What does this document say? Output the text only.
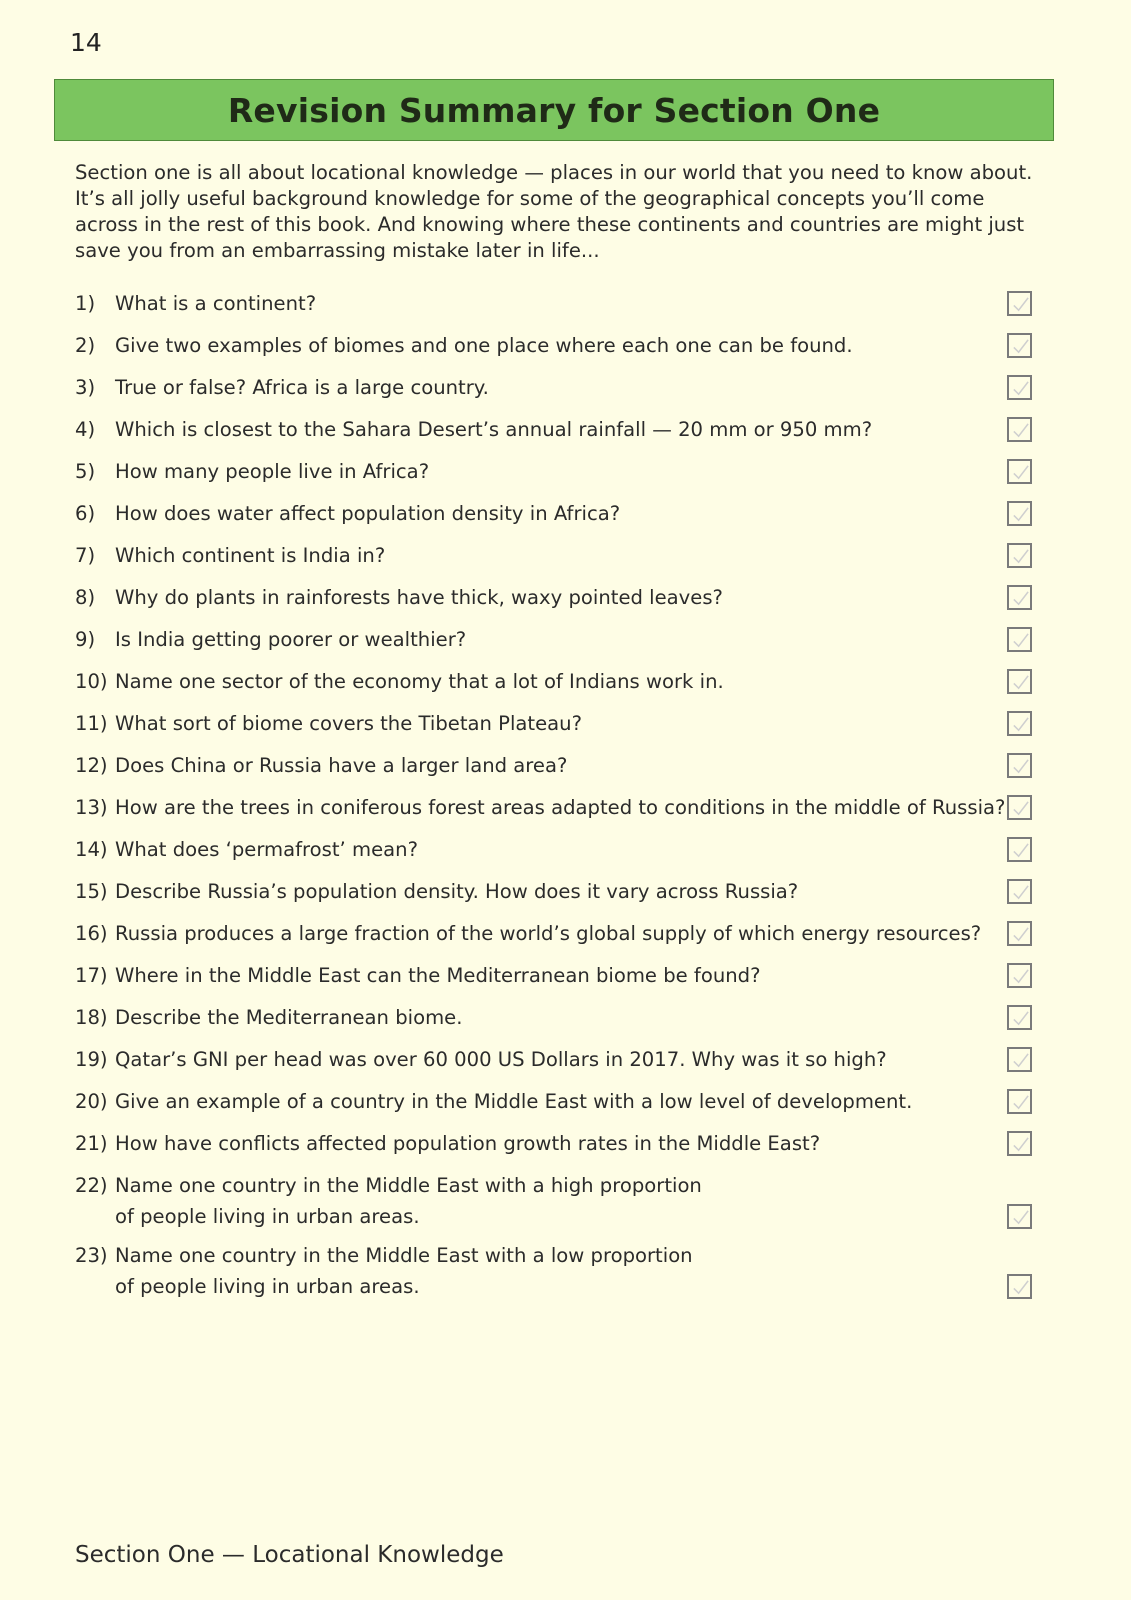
14
Revision Summary for Section One
Section one is all about locational knowledge — places in our world that you need to know about.
It’s all jolly useful background knowledge for some of the geographical concepts you’ll come
across in the rest of this book. And knowing where these continents and countries are might just
save you from an embarrassing mistake later in life...
1)	What is a continent?
2)	Give two examples of biomes and one place where each one can be found.
3)	True or false? Africa is a large country.
4)	Which is closest to the Sahara Desert’s annual rainfall — 20 mm or 950 mm?
5)	How many people live in Africa?
6)	How does water affect population density in Africa?
7)	Which continent is India in?
8)	Why do plants in rainforests have thick, waxy pointed leaves?
9)	Is India getting poorer or wealthier?
10) Name one sector of the economy that a lot of Indians work in.
11) What sort of biome covers the Tibetan Plateau?
12) Does China or Russia have a larger land area?
13) How are the trees in coniferous forest areas adapted to conditions in the middle of Russia?
14) What does ‘permafrost’ mean?
15) Describe Russia’s population density. How does it vary across Russia?
16) Russia produces a large fraction of the world’s global supply of which energy resources?
17) Where in the Middle East can the Mediterranean biome be found?
18) Describe the Mediterranean biome.
19) Qatar’s GNI per head was over 60 000 US Dollars in 2017. Why was it so high?
20) Give an example of a country in the Middle East with a low level of development.
21) How have conflicts affected population growth rates in the Middle East?
22) Name one country in the Middle East with a high proportion
of people living in urban areas.
23) Name one country in the Middle East with a low proportion
of people living in urban areas.
Section One — Locational Knowledge
